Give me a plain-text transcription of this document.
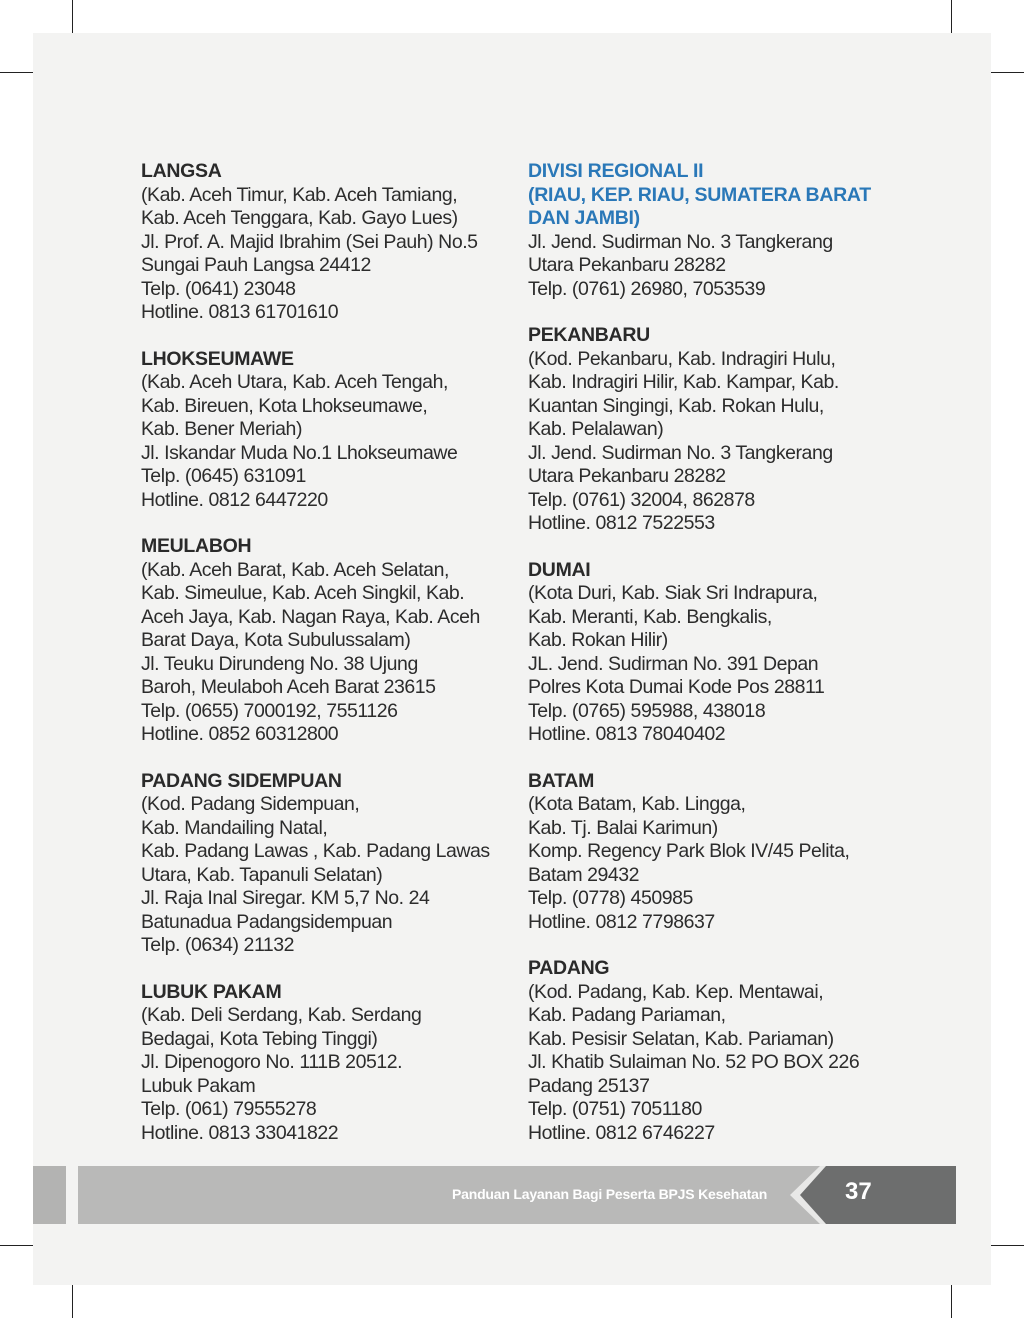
LANGSA
(Kab. Aceh Timur, Kab. Aceh Tamiang,
Kab. Aceh Tenggara, Kab. Gayo Lues)
Jl. Prof. A. Majid Ibrahim (Sei Pauh) No.5
Sungai Pauh Langsa 24412
Telp. (0641) 23048
Hotline. 0813 61701610
LHOKSEUMAWE
(Kab. Aceh Utara, Kab. Aceh Tengah,
Kab. Bireuen, Kota Lhokseumawe,
Kab. Bener Meriah)
Jl. Iskandar Muda No.1 Lhokseumawe
Telp. (0645) 631091
Hotline. 0812 6447220
MEULABOH
(Kab. Aceh Barat, Kab. Aceh Selatan,
Kab. Simeulue, Kab. Aceh Singkil, Kab.
Aceh Jaya, Kab. Nagan Raya, Kab. Aceh
Barat Daya, Kota Subulussalam)
Jl. Teuku Dirundeng No. 38 Ujung
Baroh, Meulaboh Aceh Barat 23615
Telp. (0655) 7000192, 7551126
Hotline. 0852 60312800
PADANG SIDEMPUAN
(Kod. Padang Sidempuan,
Kab. Mandailing Natal,
Kab. Padang Lawas , Kab. Padang Lawas
Utara, Kab. Tapanuli Selatan)
Jl. Raja Inal Siregar. KM 5,7 No. 24
Batunadua Padangsidempuan
Telp. (0634) 21132
LUBUK PAKAM
(Kab. Deli Serdang, Kab. Serdang
Bedagai, Kota Tebing Tinggi)
Jl. Dipenogoro No. 111B 20512.
Lubuk Pakam
Telp. (061) 79555278
Hotline. 0813 33041822
DIVISI REGIONAL II
(RIAU, KEP. RIAU, SUMATERA BARAT
DAN JAMBI)
Jl. Jend. Sudirman No. 3 Tangkerang
Utara Pekanbaru 28282
Telp. (0761) 26980, 7053539
PEKANBARU
(Kod. Pekanbaru, Kab. Indragiri Hulu,
Kab. Indragiri Hilir, Kab. Kampar, Kab.
Kuantan Singingi, Kab. Rokan Hulu,
Kab. Pelalawan)
Jl. Jend. Sudirman No. 3 Tangkerang
Utara Pekanbaru 28282
Telp. (0761) 32004, 862878
Hotline. 0812 7522553
DUMAI
(Kota Duri, Kab. Siak Sri Indrapura,
Kab. Meranti, Kab. Bengkalis,
Kab. Rokan Hilir)
JL. Jend. Sudirman No. 391 Depan
Polres Kota Dumai Kode Pos 28811
Telp. (0765) 595988, 438018
Hotline. 0813 78040402
BATAM
(Kota Batam, Kab. Lingga,
Kab. Tj. Balai Karimun)
Komp. Regency Park Blok IV/45 Pelita,
Batam 29432
Telp. (0778) 450985
Hotline. 0812 7798637
PADANG
(Kod. Padang, Kab. Kep. Mentawai,
Kab. Padang Pariaman,
Kab. Pesisir Selatan, Kab. Pariaman)
Jl. Khatib Sulaiman No. 52 PO BOX 226
Padang 25137
Telp. (0751) 7051180
Hotline. 0812 6746227
Panduan Layanan Bagi Peserta BPJS Kesehatan	37
